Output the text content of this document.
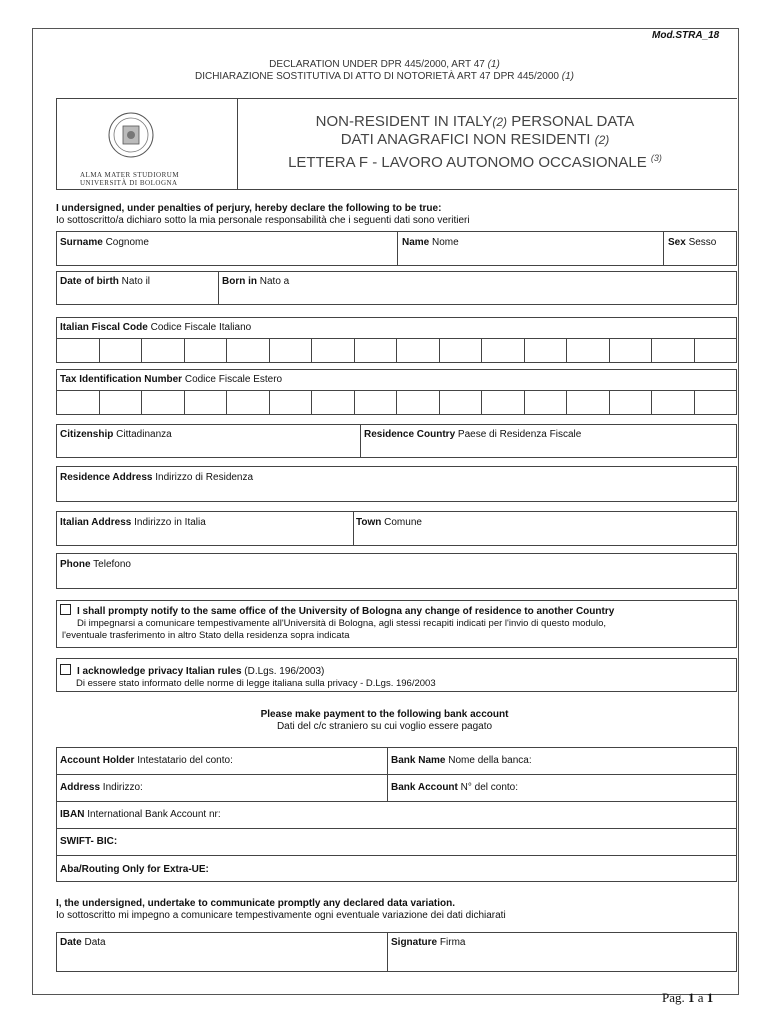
Mod.STRA_18
DECLARATION UNDER DPR 445/2000, ART 47 (1)
DICHIARAZIONE SOSTITUTIVA DI ATTO DI NOTORIETÀ ART 47 DPR 445/2000 (1)
ALMA MATER STUDIORUM
UNIVERSITÀ DI BOLOGNA
NON-RESIDENT IN ITALY(2) PERSONAL DATA
DATI ANAGRAFICI NON RESIDENTI (2)
LETTERA F - LAVORO AUTONOMO OCCASIONALE $^{(3)}$
I undersigned, under penalties of perjury, hereby declare the following to be true:
Io sottoscritto/a dichiaro sotto la mia personale responsabilità che i seguenti dati sono veritieri
Surname Cognome	Name Nome	Sex Sesso
Date of birth Nato il	Born in Nato a
Italian Fiscal Code Codice Fiscale Italiano
Tax Identification Number Codice Fiscale Estero
Citizenship Cittadinanza	Residence Country Paese di Residenza Fiscale
Residence Address Indirizzo di Residenza
Italian Address Indirizzo in Italia	Town Comune
Phone Telefono
I shall prompty notify to the same office of the University of Bologna any change of residence to another Country
Di impegnarsi a comunicare tempestivamente all'Università di Bologna, agli stessi recapiti indicati per l'invio di questo modulo,
l'eventuale trasferimento in altro Stato della residenza sopra indicata
I acknowledge privacy Italian rules (D.Lgs. 196/2003)
Di essere stato informato delle norme di legge italiana sulla privacy - D.Lgs. 196/2003
Please make payment to the following bank account
Dati del c/c straniero su cui voglio essere pagato
Account Holder Intestatario del conto:	Bank Name Nome della banca:
Address Indirizzo:	Bank Account N° del conto:
IBAN International Bank Account nr:
SWIFT- BIC:
Aba/Routing Only for Extra-UE:
I, the undersigned, undertake to communicate promptly any declared data variation.
Io sottoscritto mi impegno a comunicare tempestivamente ogni eventuale variazione dei dati dichiarati
Date Data	Signature Firma
Pag. 1 a 1
